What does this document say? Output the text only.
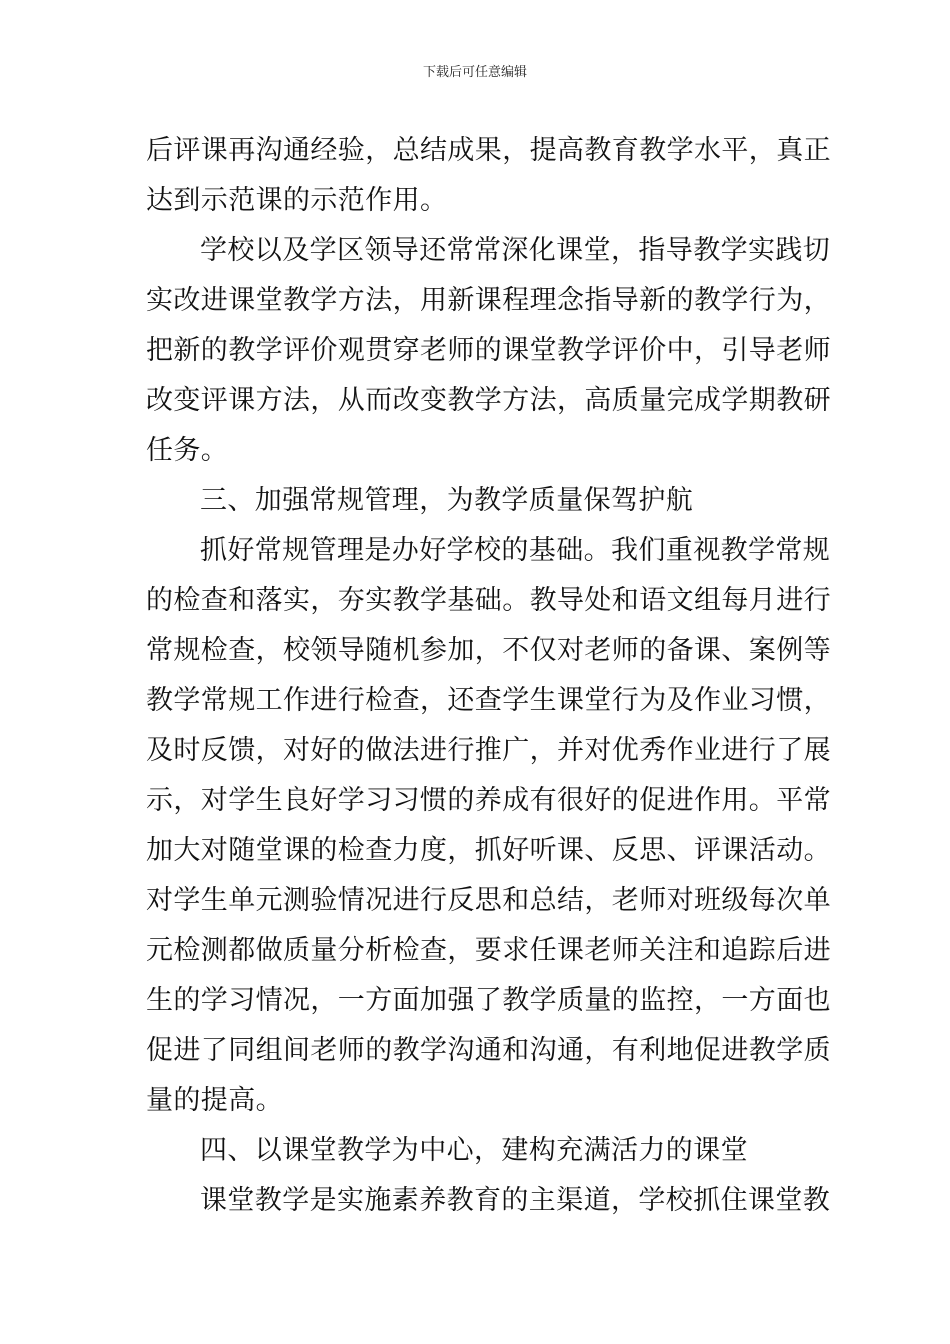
下载后可任意编辑
后评课再沟通经验，总结成果，提高教育教学水平，真正
达到示范课的示范作用。
学校以及学区领导还常常深化课堂，指导教学实践切
实改进课堂教学方法，用新课程理念指导新的教学行为，
把新的教学评价观贯穿老师的课堂教学评价中，引导老师
改变评课方法，从而改变教学方法，高质量完成学期教研
任务。
三、加强常规管理，为教学质量保驾护航
抓好常规管理是办好学校的基础。我们重视教学常规
的检查和落实，夯实教学基础。教导处和语文组每月进行
常规检查，校领导随机参加，不仅对老师的备课、案例等
教学常规工作进行检查，还查学生课堂行为及作业习惯，
及时反馈，对好的做法进行推广，并对优秀作业进行了展
示，对学生良好学习习惯的养成有很好的促进作用。平常
加大对随堂课的检查力度，抓好听课、反思、评课活动。
对学生单元测验情况进行反思和总结，老师对班级每次单
元检测都做质量分析检查，要求任课老师关注和追踪后进
生的学习情况，一方面加强了教学质量的监控，一方面也
促进了同组间老师的教学沟通和沟通，有利地促进教学质
量的提高。
四、以课堂教学为中心，建构充满活力的课堂
课堂教学是实施素养教育的主渠道，学校抓住课堂教
